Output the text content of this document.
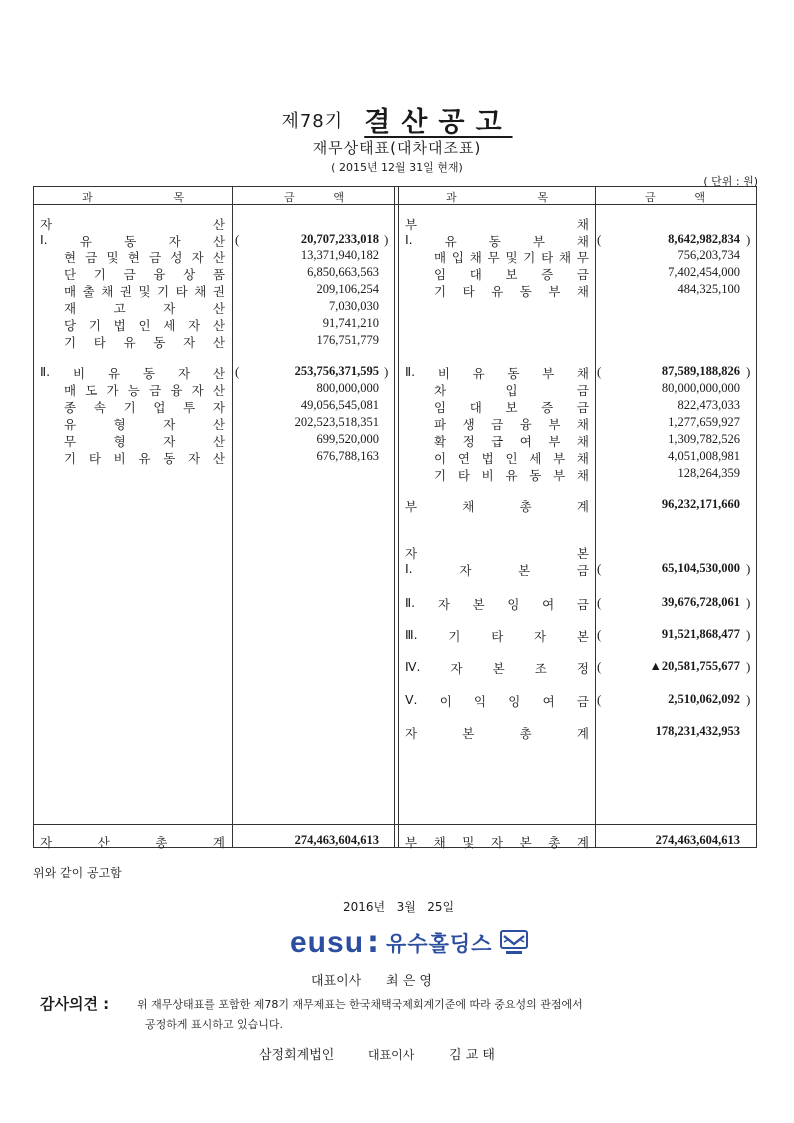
제78기 결산공고
재무상태표(대차대조표)
( 2015년 12월 31일 현재)
( 단위 : 원)
과	목	금	액	과	목	금	액
자	산
Ⅰ.	유	동	자	산 (	20,707,233,018 )
현 금 및 현 금 성 자 산	13,371,940,182
단 기 금 융 상 품	6,850,663,563
매 출 채 권 및 기 타 채 권	209,106,254
재	고	자	산	7,030,030
당 기 법 인 세 자 산	91,741,210
기 타 유 동 자 산	176,751,779
Ⅱ. 비 유 동 자 산 (	253,756,371,595 )
매 도 가 능 금 융 자 산	800,000,000
종 속 기 업 투 자	49,056,545,081
유	형	자	산	202,523,518,351
무	형	자	산	699,520,000
기 타 비 유 동 자 산	676,788,163
자	산	총	계	274,463,604,613
부	채
Ⅰ.	유	동	부	채 (	8,642,982,834 )
매 입 채 무 및 기 타 채 무	756,203,734
임 대 보 증 금	7,402,454,000
기 타 유 동 부 채	484,325,100
Ⅱ. 비 유 동 부 채 (	87,589,188,826 )
차	입	금	80,000,000,000
임 대 보 증 금	822,473,033
파 생 금 융 부 채	1,277,659,927
확 정 급 여 부 채	1,309,782,526
이 연 법 인 세 부 채	4,051,008,981
기 타 비 유 동 부 채	128,264,359
부	채	총	계	96,232,171,660
자	본
Ⅰ.	자	본	금 (	65,104,530,000 )
Ⅱ. 자 본 잉 여 금 (	39,676,728,061 )
Ⅲ. 기 타 자 본 (	91,521,868,477 )
Ⅳ. 자 본 조 정 (	▲20,581,755,677 )
Ⅴ. 이 익 잉 여 금 (	2,510,062,092 )
자	본	총	계	178,231,432,953
부 채 및 자 본 총 계	274,463,604,613
위와 같이 공고함
2016년   3월   25일
eusu : 유수홀딩스
대표이사      최 은 영
감사의견 :	위 재무상태표를 포함한 제78기 재무제표는 한국채택국제회계기준에 따라 중요성의 관점에서
공정하게 표시하고 있습니다.
삼정회계법인	대표이사	김 교 태
